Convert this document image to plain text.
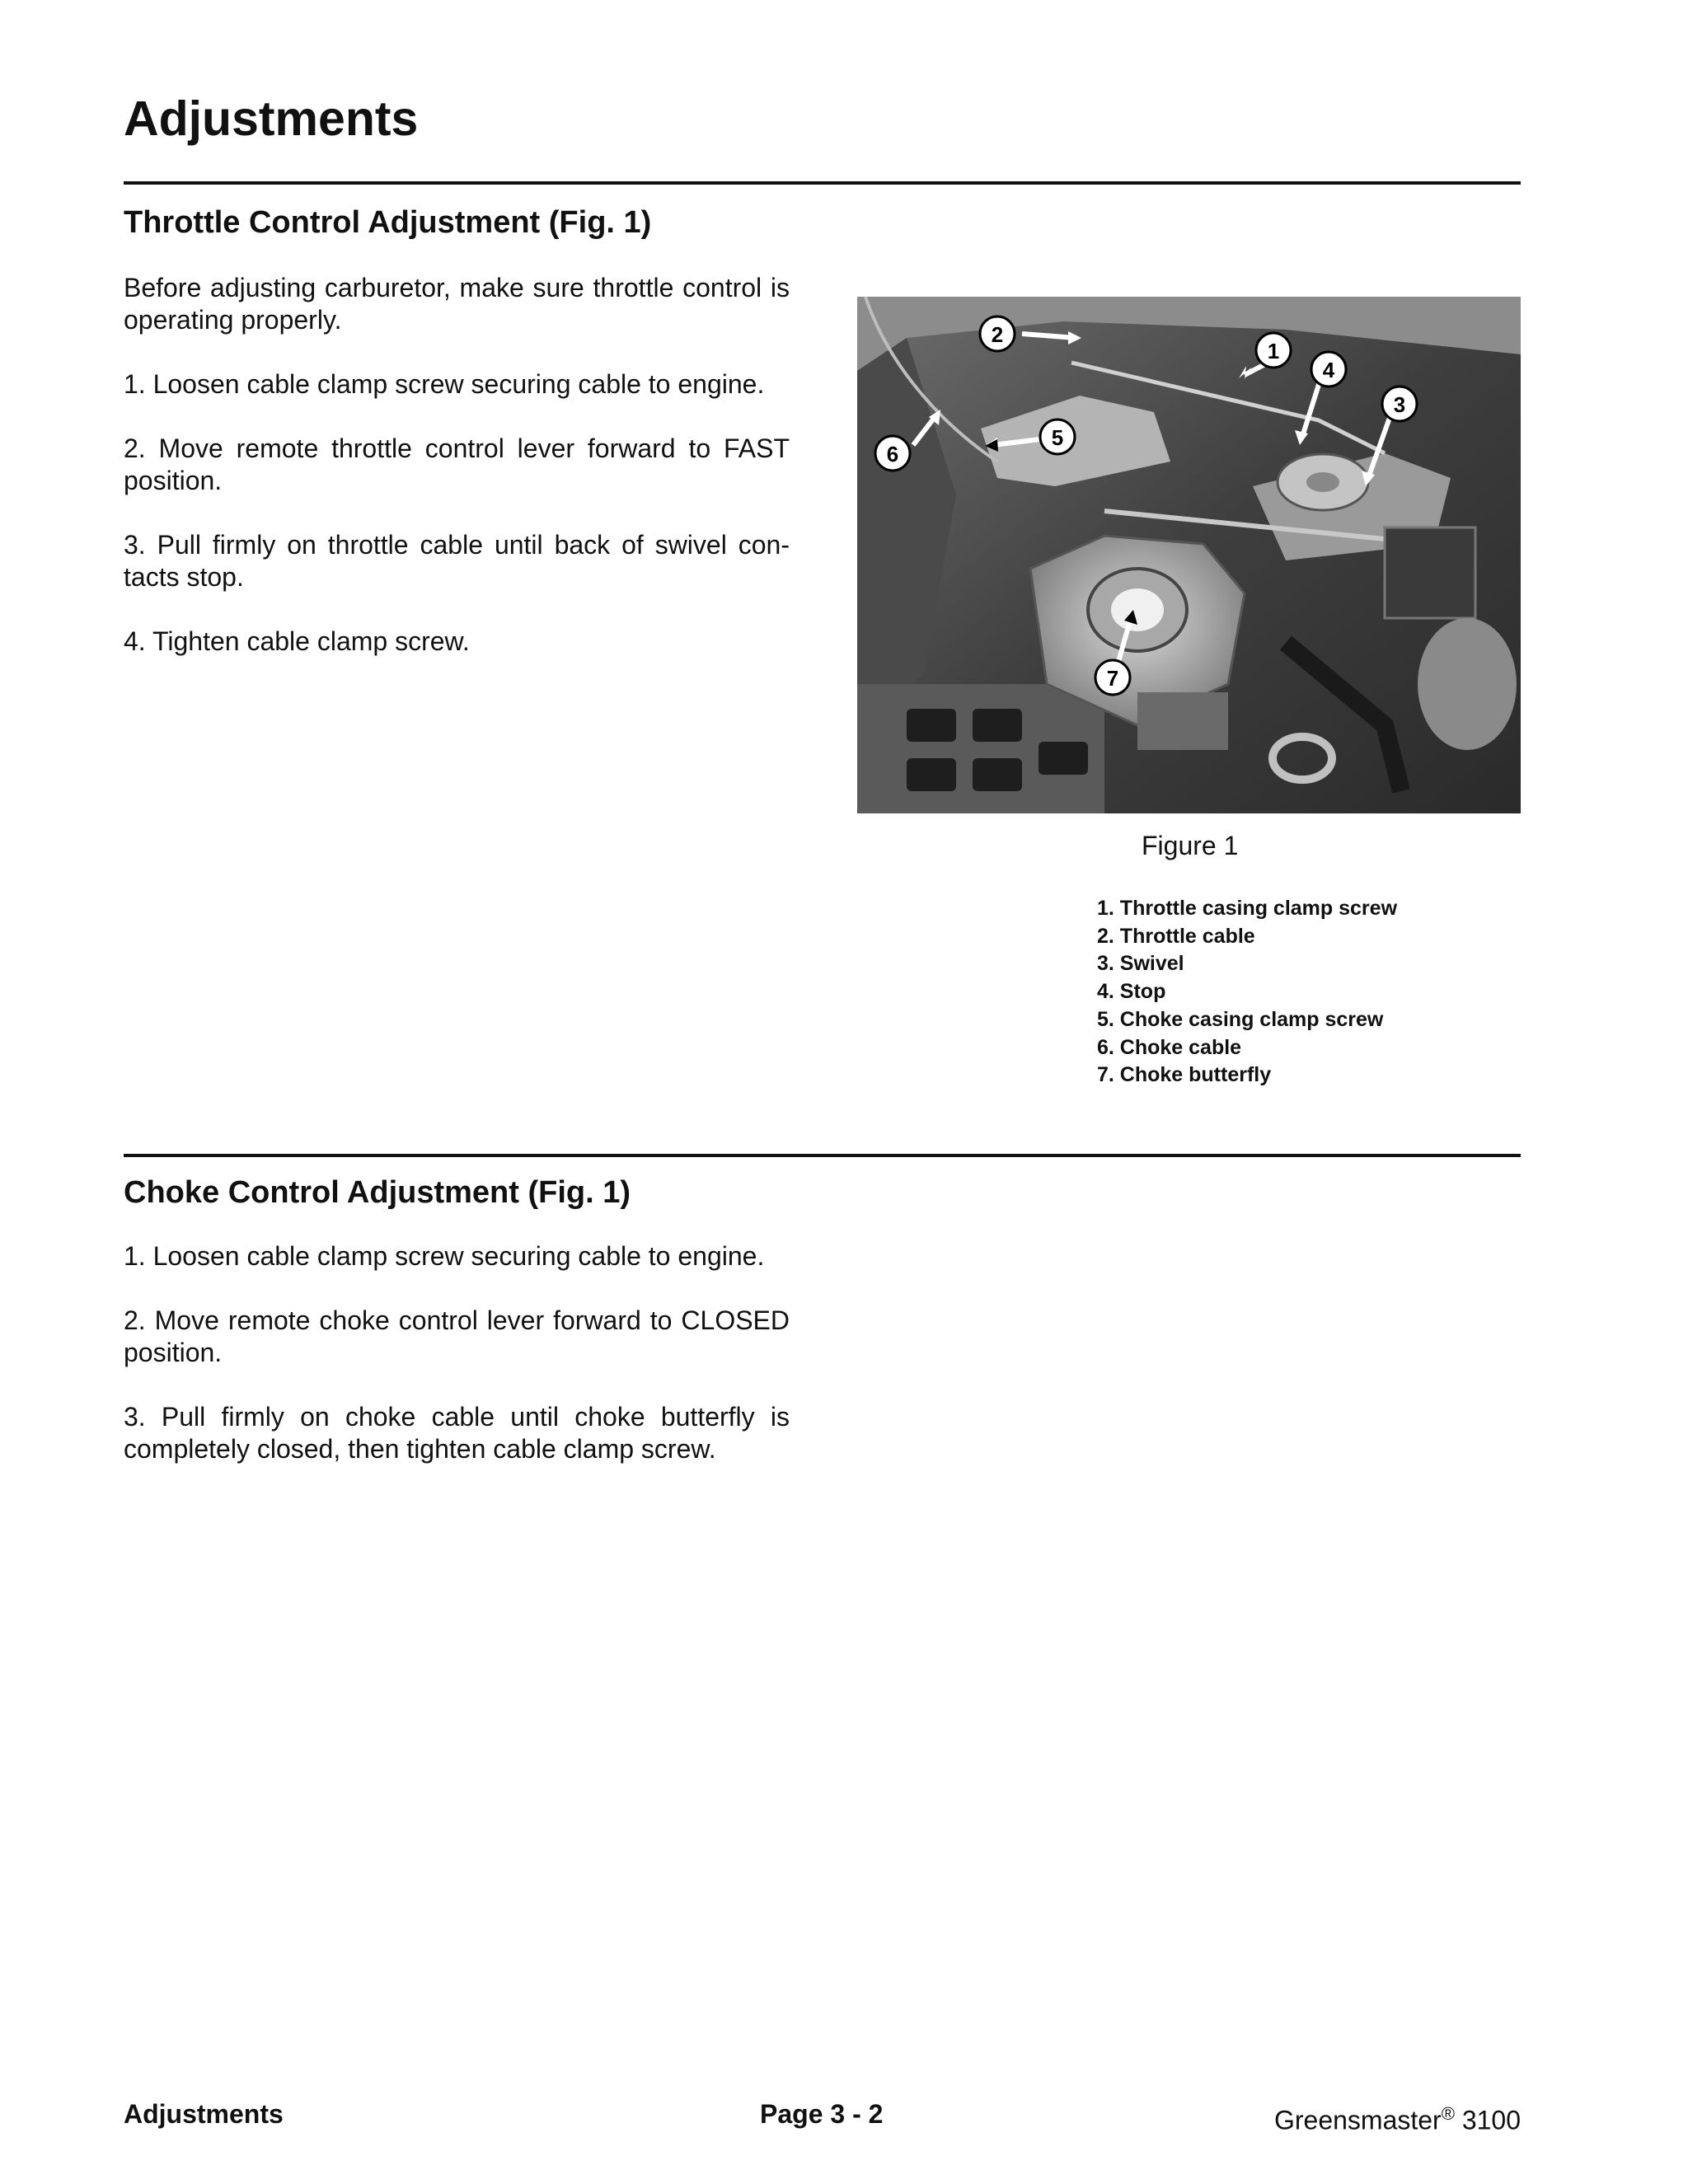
Adjustments
Throttle Control Adjustment (Fig. 1)

Before adjusting carburetor, make sure throttle control is operating properly.

1. Loosen cable clamp screw securing cable to engine.

2. Move remote throttle control lever forward to FAST position.

3. Pull firmly on throttle cable until back of swivel con-tacts stop.

4. Tighten cable clamp screw.

1
2
3
4
5
6
7
Figure 1
1. Throttle casing clamp screw
2. Throttle cable
3. Swivel
4. Stop
5. Choke casing clamp screw
6. Choke cable
7. Choke butterfly
Choke Control Adjustment (Fig. 1)

1. Loosen cable clamp screw securing cable to engine.

2. Move remote choke control lever forward to CLOSED position.

3. Pull firmly on choke cable until choke butterfly is completely closed, then tighten cable clamp screw.

Adjustments	Page 3 - 2	Greensmaster® 3100
